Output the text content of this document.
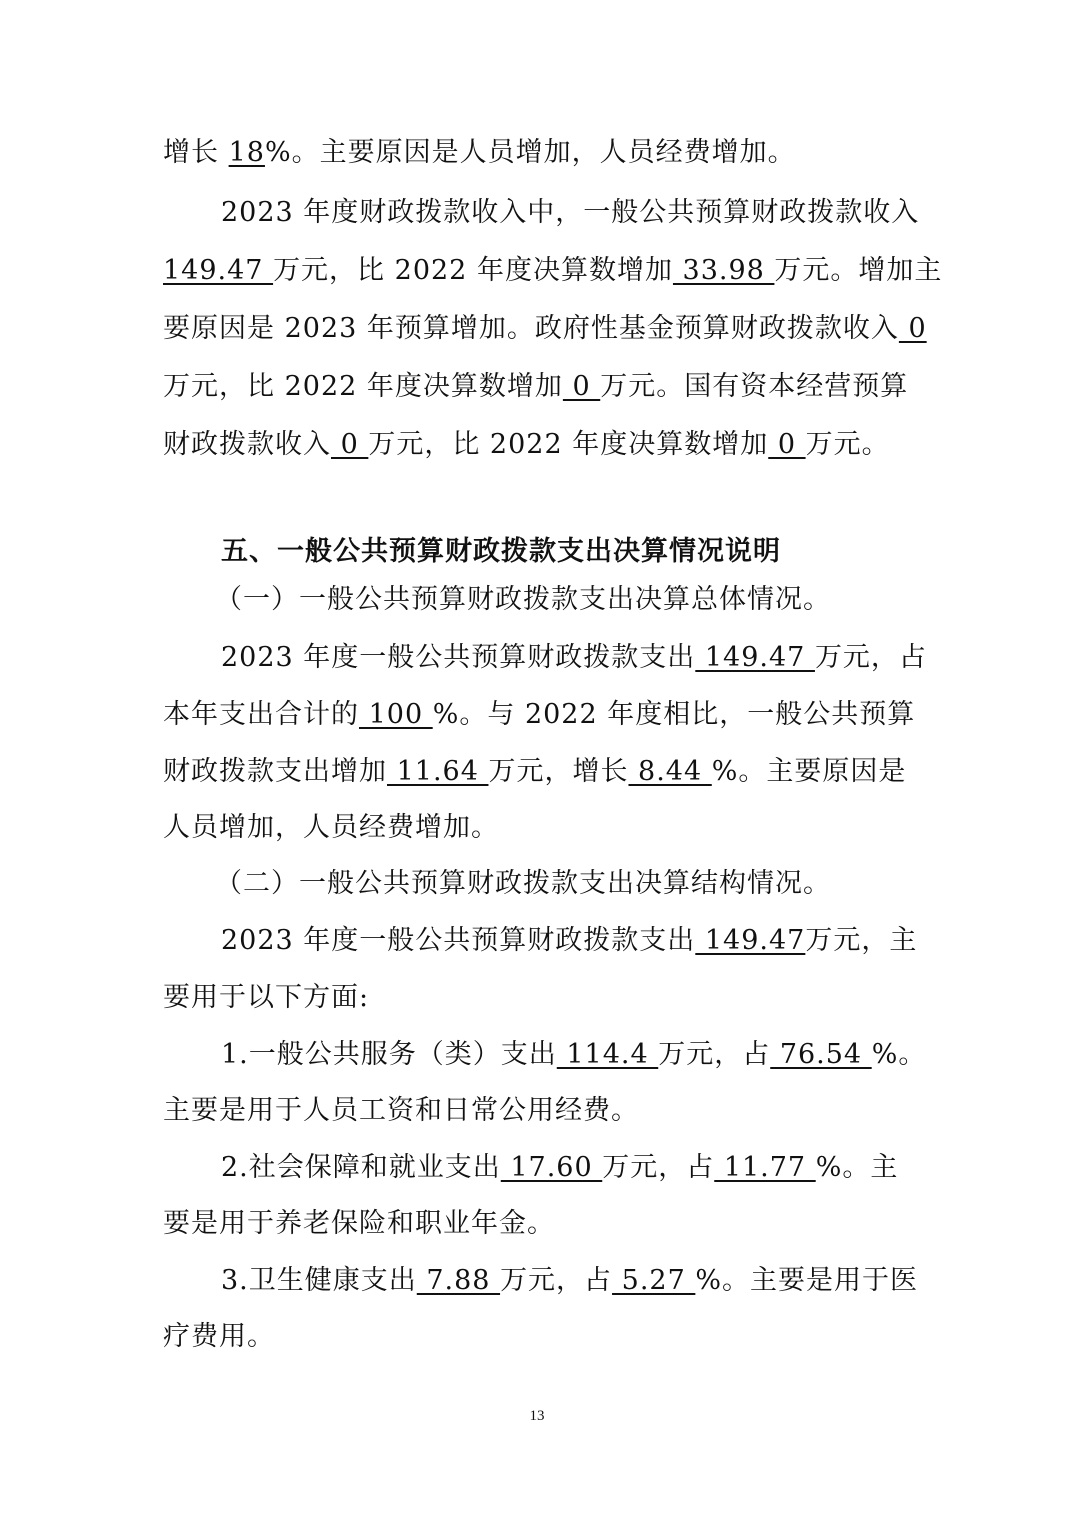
增长 18%。主要原因是人员增加，人员经费增加。
2023 年度财政拨款收入中，一般公共预算财政拨款收入
149.47 万元，比 2022 年度决算数增加 33.98 万元。增加主
要原因是 2023 年预算增加。政府性基金预算财政拨款收入 0
万元，比 2022 年度决算数增加 0 万元。国有资本经营预算
财政拨款收入 0 万元，比 2022 年度决算数增加 0 万元。
五、一般公共预算财政拨款支出决算情况说明
（一）一般公共预算财政拨款支出决算总体情况。
2023 年度一般公共预算财政拨款支出 149.47 万元，占
本年支出合计的 100 %。与 2022 年度相比，一般公共预算
财政拨款支出增加 11.64 万元，增长 8.44 %。主要原因是
人员增加，人员经费增加。
（二）一般公共预算财政拨款支出决算结构情况。
2023 年度一般公共预算财政拨款支出 149.47万元，主
要用于以下方面:
1.一般公共服务（类）支出 114.4 万元，占 76.54 %。
主要是用于人员工资和日常公用经费。
2.社会保障和就业支出 17.60 万元，占 11.77 %。主
要是用于养老保险和职业年金。
3.卫生健康支出 7.88 万元，占 5.27 %。主要是用于医
疗费用。
13
